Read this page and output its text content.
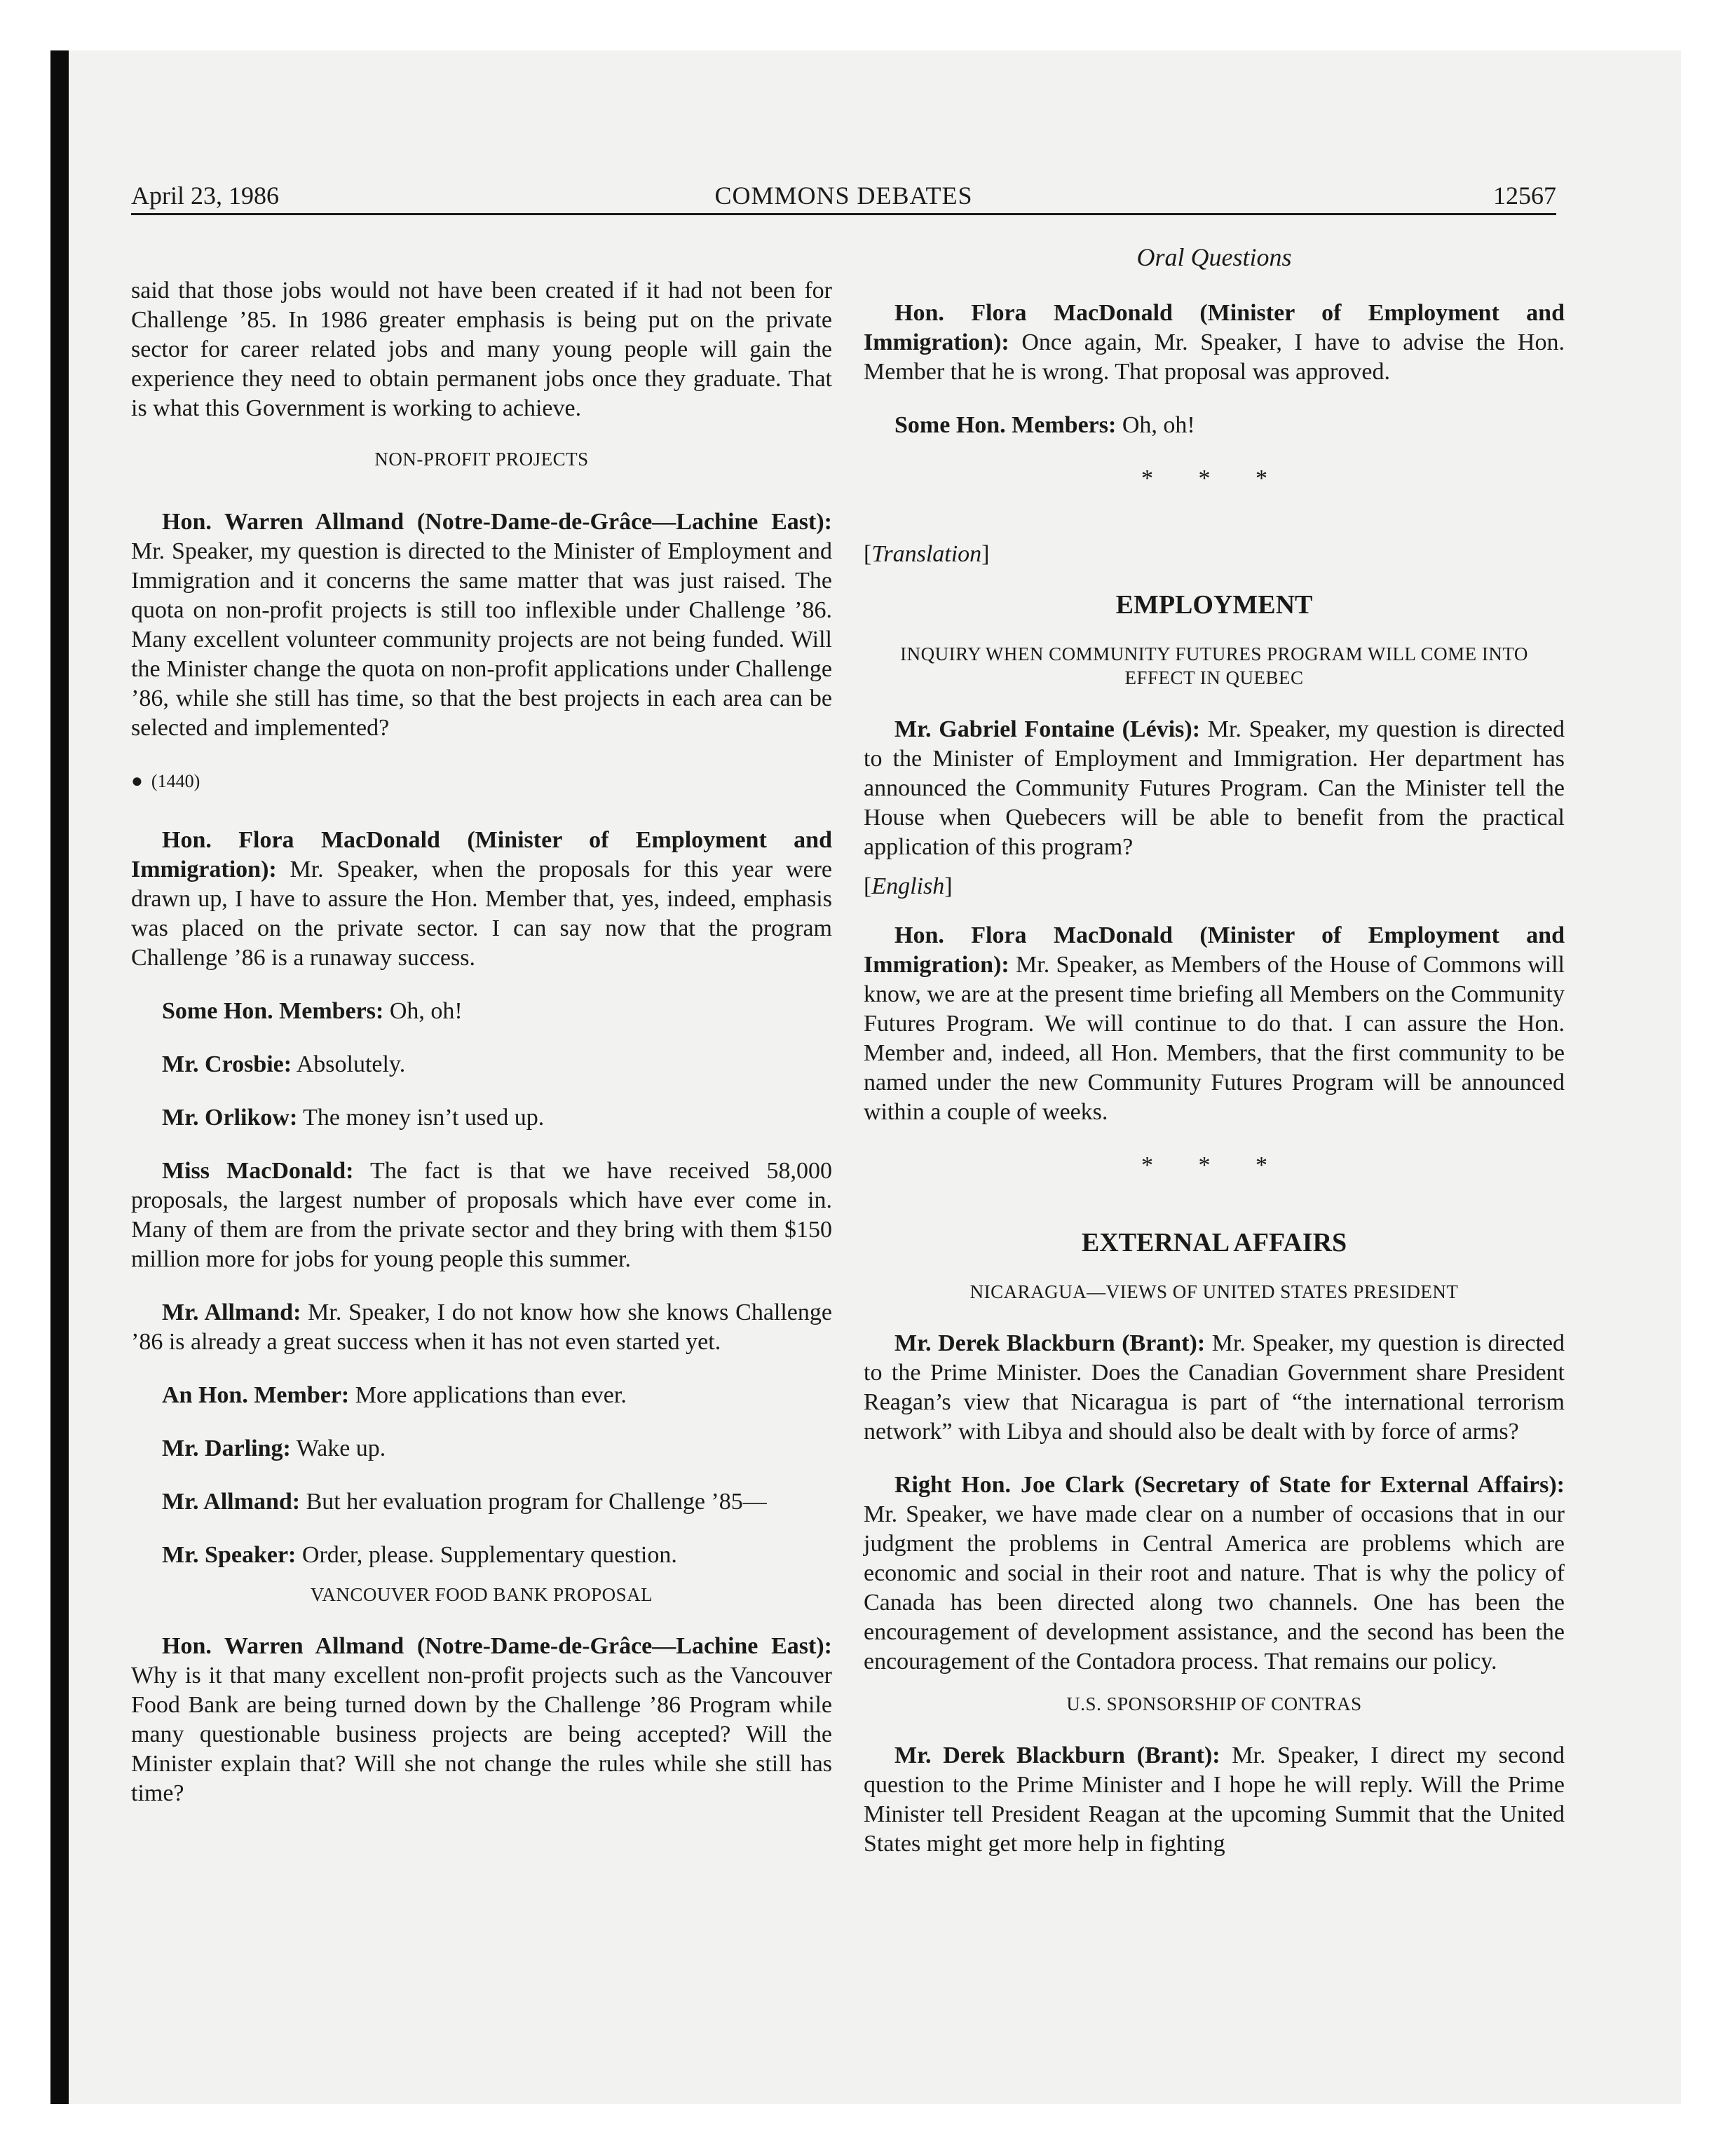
April 23, 1986	COMMONS DEBATES	12567

said that those jobs would not have been created if it had not been for Challenge ’85. In 1986 greater emphasis is being put on the private sector for career related jobs and many young people will gain the experience they need to obtain permanent jobs once they graduate. That is what this Government is working to achieve.

NON-PROFIT PROJECTS

Hon. Warren Allmand (Notre-Dame-de-Grâce—Lachine East): Mr. Speaker, my question is directed to the Minister of Employment and Immigration and it concerns the same matter that was just raised. The quota on non-profit projects is still too inflexible under Challenge ’86. Many excellent volunteer community projects are not being funded. Will the Minister change the quota on non-profit applications under Challenge ’86, while she still has time, so that the best projects in each area can be selected and implemented?

● (1440)

Hon. Flora MacDonald (Minister of Employment and Immigration): Mr. Speaker, when the proposals for this year were drawn up, I have to assure the Hon. Member that, yes, indeed, emphasis was placed on the private sector. I can say now that the program Challenge ’86 is a runaway success.

Some Hon. Members: Oh, oh!

Mr. Crosbie: Absolutely.

Mr. Orlikow: The money isn’t used up.

Miss MacDonald: The fact is that we have received 58,000 proposals, the largest number of proposals which have ever come in. Many of them are from the private sector and they bring with them $150 million more for jobs for young people this summer.

Mr. Allmand: Mr. Speaker, I do not know how she knows Challenge ’86 is already a great success when it has not even started yet.

An Hon. Member: More applications than ever.

Mr. Darling: Wake up.

Mr. Allmand: But her evaluation program for Challenge ’85—

Mr. Speaker: Order, please. Supplementary question.

VANCOUVER FOOD BANK PROPOSAL

Hon. Warren Allmand (Notre-Dame-de-Grâce—Lachine East): Why is it that many excellent non-profit projects such as the Vancouver Food Bank are being turned down by the Challenge ’86 Program while many questionable business projects are being accepted? Will the Minister explain that? Will she not change the rules while she still has time?

Oral Questions

Hon. Flora MacDonald (Minister of Employment and Immigration): Once again, Mr. Speaker, I have to advise the Hon. Member that he is wrong. That proposal was approved.

Some Hon. Members: Oh, oh!

* * *
[Translation]
EMPLOYMENT
INQUIRY WHEN COMMUNITY FUTURES PROGRAM WILL COME INTO EFFECT IN QUEBEC

Mr. Gabriel Fontaine (Lévis): Mr. Speaker, my question is directed to the Minister of Employment and Immigration. Her department has announced the Community Futures Program. Can the Minister tell the House when Quebecers will be able to benefit from the practical application of this program?

[English]

Hon. Flora MacDonald (Minister of Employment and Immigration): Mr. Speaker, as Members of the House of Commons will know, we are at the present time briefing all Members on the Community Futures Program. We will continue to do that. I can assure the Hon. Member and, indeed, all Hon. Members, that the first community to be named under the new Community Futures Program will be announced within a couple of weeks.

* * *
EXTERNAL AFFAIRS
NICARAGUA—VIEWS OF UNITED STATES PRESIDENT

Mr. Derek Blackburn (Brant): Mr. Speaker, my question is directed to the Prime Minister. Does the Canadian Government share President Reagan’s view that Nicaragua is part of “the international terrorism network” with Libya and should also be dealt with by force of arms?

Right Hon. Joe Clark (Secretary of State for External Affairs): Mr. Speaker, we have made clear on a number of occasions that in our judgment the problems in Central America are problems which are economic and social in their root and nature. That is why the policy of Canada has been directed along two channels. One has been the encouragement of development assistance, and the second has been the encouragement of the Contadora process. That remains our policy.

U.S. SPONSORSHIP OF CONTRAS

Mr. Derek Blackburn (Brant): Mr. Speaker, I direct my second question to the Prime Minister and I hope he will reply. Will the Prime Minister tell President Reagan at the upcoming Summit that the United States might get more help in fighting
